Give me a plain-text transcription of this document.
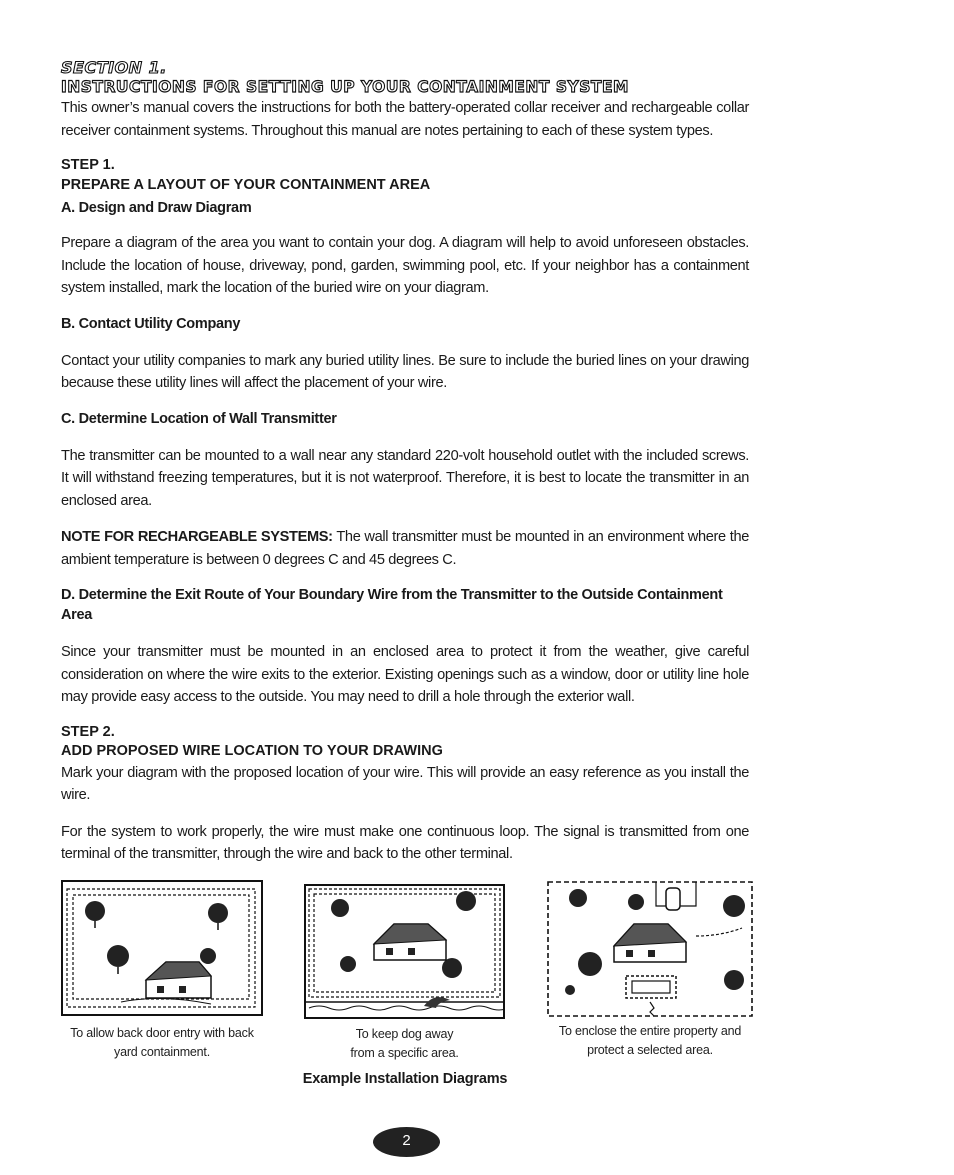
SECTION 1.
INSTRUCTIONS FOR SETTING UP YOUR CONTAINMENT SYSTEM

This owner’s manual covers the instructions for both the battery-operated collar receiver and rechargeable collar receiver containment systems. Throughout this manual are notes pertaining to each of these system types.

STEP 1.
PREPARE A LAYOUT OF YOUR CONTAINMENT AREA
A. Design and Draw Diagram

Prepare a diagram of the area you want to contain your dog. A diagram will help to avoid unforeseen obstacles. Include the location of house, driveway, pond, garden, swimming pool, etc. If your neighbor has a containment system installed, mark the location of the buried wire on your diagram.

B. Contact Utility Company

Contact your utility companies to mark any buried utility lines. Be sure to include the buried lines on your drawing because these utility lines will affect the placement of your wire.

C. Determine Location of Wall Transmitter

The transmitter can be mounted to a wall near any standard 220-volt household outlet with the included screws. It will withstand freezing temperatures, but it is not waterproof. Therefore, it is best to locate the transmitter in an enclosed area.

NOTE FOR RECHARGEABLE SYSTEMS: The wall transmitter must be mounted in an environment where the ambient temperature is between 0 degrees C and 45 degrees C.

D. Determine the Exit Route of Your Boundary Wire from the Transmitter to the Outside Containment Area

Since your transmitter must be mounted in an enclosed area to protect it from the weather, give careful consideration on where the wire exits to the exterior. Existing openings such as a window, door or utility line hole may provide easy access to the outside. You may need to drill a hole through the exterior wall.

STEP 2.
ADD PROPOSED WIRE LOCATION TO YOUR DRAWING

Mark your diagram with the proposed location of your wire. This will provide an easy reference as you install the wire.

For the system to work properly, the wire must make one continuous loop. The signal is transmitted from one terminal of the transmitter, through the wire and back to the other terminal.

To allow back door entry with back yard containment.
To keep dog away
from a specific area.
To enclose the entire property and protect a selected area.
Example Installation Diagrams
2
